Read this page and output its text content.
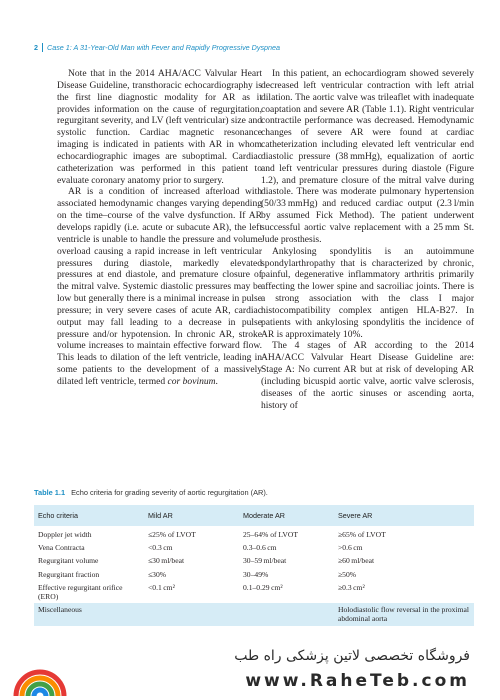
2 Case 1: A 31-Year-Old Man with Fever and Rapidly Progressive Dyspnea

Note that in the 2014 AHA/ACC Valvular Heart Disease Guideline, transthoracic echocardiography is the first line diagnostic modality for AR as it provides information on the cause of regurgitation, regurgitant severity, and LV (left ventricular) size and systolic function. Cardiac magnetic resonance imaging is indicated in patients with AR in whom echocardiographic images are suboptimal. Cardiac catheterization was performed in this patient to evaluate coronary anatomy prior to surgery.

AR is a condition of increased afterload with associated hemodynamic changes varying depending on the time–course of the valve dysfunction. If AR develops rapidly (i.e. acute or subacute AR), the left ventricle is unable to handle the pressure and volume overload causing a rapid increase in left ventricular pressures during diastole, markedly elevated pressures at end diastole, and premature closure of the mitral valve. Systemic diastolic pressures may be low but generally there is a minimal increase in pulse pressure; in very severe cases of acute AR, cardiac output may fall leading to a decrease in pulse pressure and/or hypotension. In chronic AR, stroke volume increases to maintain effective forward flow. This leads to dilation of the left ventricle, leading in some patients to the development of a massively dilated left ventricle, termed cor bovinum.

In this patient, an echocardiogram showed severely decreased left ventricular contraction with left atrial dilation. The aortic valve was trileaflet with inadequate coaptation and severe AR (Table 1.1). Right ventricular contractile performance was decreased. Hemodynamic changes of severe AR were found at cardiac catheterization including elevated left ventricular end diastolic pressure (38 mmHg), equalization of aortic and left ventricular pressures during diastole (Figure 1.2), and premature closure of the mitral valve during diastole. There was moderate pulmonary hypertension (50/33 mmHg) and reduced cardiac output (2.3 l/min by assumed Fick Method). The patient underwent successful aortic valve replacement with a 25 mm St. Jude prosthesis.

Ankylosing spondylitis is an autoimmune spondylarthropathy that is characterized by chronic, painful, degenerative inflammatory arthritis primarily affecting the lower spine and sacroiliac joints. There is a strong association with the class I major histocompatibility complex antigen HLA-B27. In patients with ankylosing spondylitis the incidence of AR is approximately 10%.

The 4 stages of AR according to the 2014 AHA/ACC Valvular Heart Disease Guideline are: Stage A: No current AR but at risk of developing AR (including bicuspid aortic valve, aortic valve sclerosis, diseases of the aortic sinuses or ascending aorta, history of

Table 1.1 Echo criteria for grading severity of aortic regurgitation (AR).
Echo criteria	Mild AR	Moderate AR	Severe AR
Doppler jet width	≤25% of LVOT	25–64% of LVOT	≥65% of LVOT
Vena Contracta	<0.3 cm	0.3–0.6 cm	>0.6 cm
Regurgitant volume	≤30 ml/beat	30–59 ml/beat	≥60 ml/beat
Regurgitant fraction	≤30%	30–49%	≥50%
Effective regurgitant orifice (ERO)	<0.1 cm²	0.1–0.29 cm²	≥0.3 cm²
Miscellaneous			Holodiastolic flow reversal in the proximal abdominal aorta
فروشگاه تخصصی لاتین پزشکی راه طب
www.RaheTeb.com
